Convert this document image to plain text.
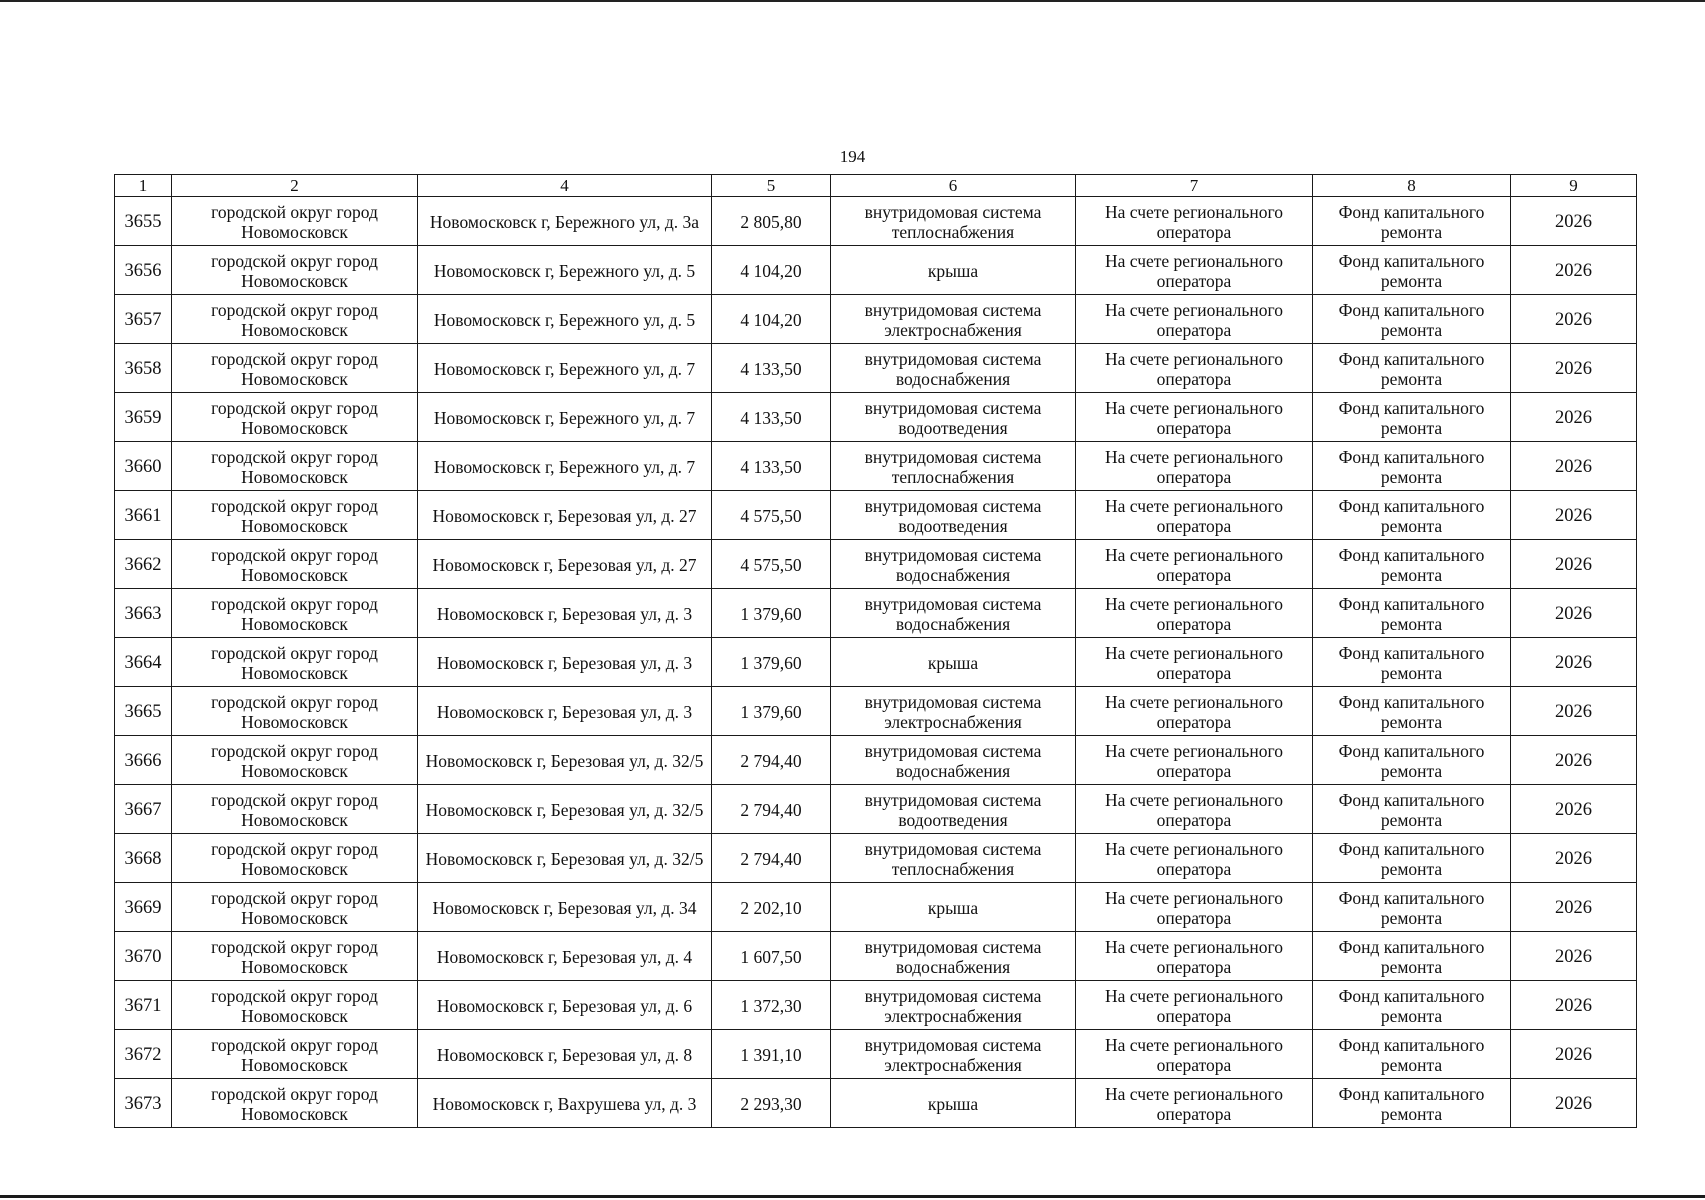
194
1	2	4	5	6	7	8	9
3655	городской округ город Новомосковск	Новомосковск г, Бережного ул, д. 3а	2 805,80	внутридомовая система теплоснабжения	На счете регионального оператора	Фонд капитального ремонта	2026
3656	городской округ город Новомосковск	Новомосковск г, Бережного ул, д. 5	4 104,20	крыша	На счете регионального оператора	Фонд капитального ремонта	2026
3657	городской округ город Новомосковск	Новомосковск г, Бережного ул, д. 5	4 104,20	внутридомовая система электроснабжения	На счете регионального оператора	Фонд капитального ремонта	2026
3658	городской округ город Новомосковск	Новомосковск г, Бережного ул, д. 7	4 133,50	внутридомовая система водоснабжения	На счете регионального оператора	Фонд капитального ремонта	2026
3659	городской округ город Новомосковск	Новомосковск г, Бережного ул, д. 7	4 133,50	внутридомовая система водоотведения	На счете регионального оператора	Фонд капитального ремонта	2026
3660	городской округ город Новомосковск	Новомосковск г, Бережного ул, д. 7	4 133,50	внутридомовая система теплоснабжения	На счете регионального оператора	Фонд капитального ремонта	2026
3661	городской округ город Новомосковск	Новомосковск г, Березовая ул, д. 27	4 575,50	внутридомовая система водоотведения	На счете регионального оператора	Фонд капитального ремонта	2026
3662	городской округ город Новомосковск	Новомосковск г, Березовая ул, д. 27	4 575,50	внутридомовая система водоснабжения	На счете регионального оператора	Фонд капитального ремонта	2026
3663	городской округ город Новомосковск	Новомосковск г, Березовая ул, д. 3	1 379,60	внутридомовая система водоснабжения	На счете регионального оператора	Фонд капитального ремонта	2026
3664	городской округ город Новомосковск	Новомосковск г, Березовая ул, д. 3	1 379,60	крыша	На счете регионального оператора	Фонд капитального ремонта	2026
3665	городской округ город Новомосковск	Новомосковск г, Березовая ул, д. 3	1 379,60	внутридомовая система электроснабжения	На счете регионального оператора	Фонд капитального ремонта	2026
3666	городской округ город Новомосковск	Новомосковск г, Березовая ул, д. 32/5	2 794,40	внутридомовая система водоснабжения	На счете регионального оператора	Фонд капитального ремонта	2026
3667	городской округ город Новомосковск	Новомосковск г, Березовая ул, д. 32/5	2 794,40	внутридомовая система водоотведения	На счете регионального оператора	Фонд капитального ремонта	2026
3668	городской округ город Новомосковск	Новомосковск г, Березовая ул, д. 32/5	2 794,40	внутридомовая система теплоснабжения	На счете регионального оператора	Фонд капитального ремонта	2026
3669	городской округ город Новомосковск	Новомосковск г, Березовая ул, д. 34	2 202,10	крыша	На счете регионального оператора	Фонд капитального ремонта	2026
3670	городской округ город Новомосковск	Новомосковск г, Березовая ул, д. 4	1 607,50	внутридомовая система водоснабжения	На счете регионального оператора	Фонд капитального ремонта	2026
3671	городской округ город Новомосковск	Новомосковск г, Березовая ул, д. 6	1 372,30	внутридомовая система электроснабжения	На счете регионального оператора	Фонд капитального ремонта	2026
3672	городской округ город Новомосковск	Новомосковск г, Березовая ул, д. 8	1 391,10	внутридомовая система электроснабжения	На счете регионального оператора	Фонд капитального ремонта	2026
3673	городской округ город Новомосковск	Новомосковск г, Вахрушева ул, д. 3	2 293,30	крыша	На счете регионального оператора	Фонд капитального ремонта	2026
